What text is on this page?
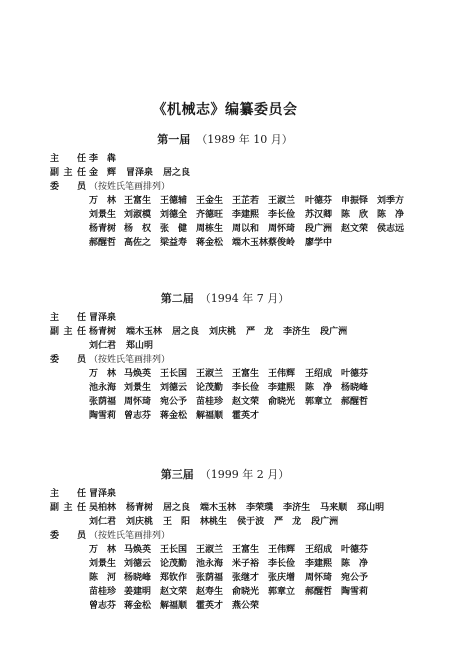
《机械志》编纂委员会
第一届 （1989 年 10 月）
主　任 李　犇
副主任 金　辉 冒泽泉 居之良
委　员 （按姓氏笔画排列）
万　林 王富生 王德辅 王金生 王芷若 王淑兰 叶德芬 申振铎 刘季方
刘景生 刘淑模 刘德全 齐德旺 李建熙 李长俭 苏汉卿 陈　欣 陈　净
杨青树 杨　权 张　健 周栋生 周以和 周怀琦 段广洲 赵文荣 侯志远
郝醒哲 高佐之 梁益寿 蒋金松 端木玉林 蔡俊岭 廖学中
第二届 （1994 年 7 月）
主　任 冒泽泉
副主任 杨青树 端木玉林 居之良 刘庆桃 严　龙 李济生 段广洲
刘仁君 郑山明
委　员 （按姓氏笔画排列）
万　林 马焕英 王长国 王淑兰 王富生 王伟辉 王绍成 叶德芬
池永海 刘景生 刘德云 论茂勤 李长俭 李建熙 陈　净 杨晓峰
张荫福 周怀琦 宛公予 苗桂珍 赵文荣 俞晓光 郭章立 郝醒哲
陶雪莉 曾志芬 蒋金松 解福顺 霍英才
第三届 （1999 年 2 月）
主　任 冒泽泉
副主任 吴柏林 杨青树 居之良 端木玉林 李荣璞 李济生 马来顺 邳山明
刘仁君 刘庆桃 王　阳 林桃生 侯于波 严　龙 段广洲
委　员 （按姓氏笔画排列）
万　林 马焕英 王长国 王淑兰 王富生 王伟辉 王绍成 叶德芬
刘景生 刘德云 论茂勤 池永海 米子裕 李长俭 李建熙 陈　净
陈　河 杨晓峰 郑钦作 张荫福 张继才 张庆增 周怀琦 宛公予
苗桂珍 姜建明 赵文荣 赵寿生 俞晓光 郭章立 郝醒哲 陶雪莉
曾志芬 蒋金松 解福顺 霍英才 燕公荣
